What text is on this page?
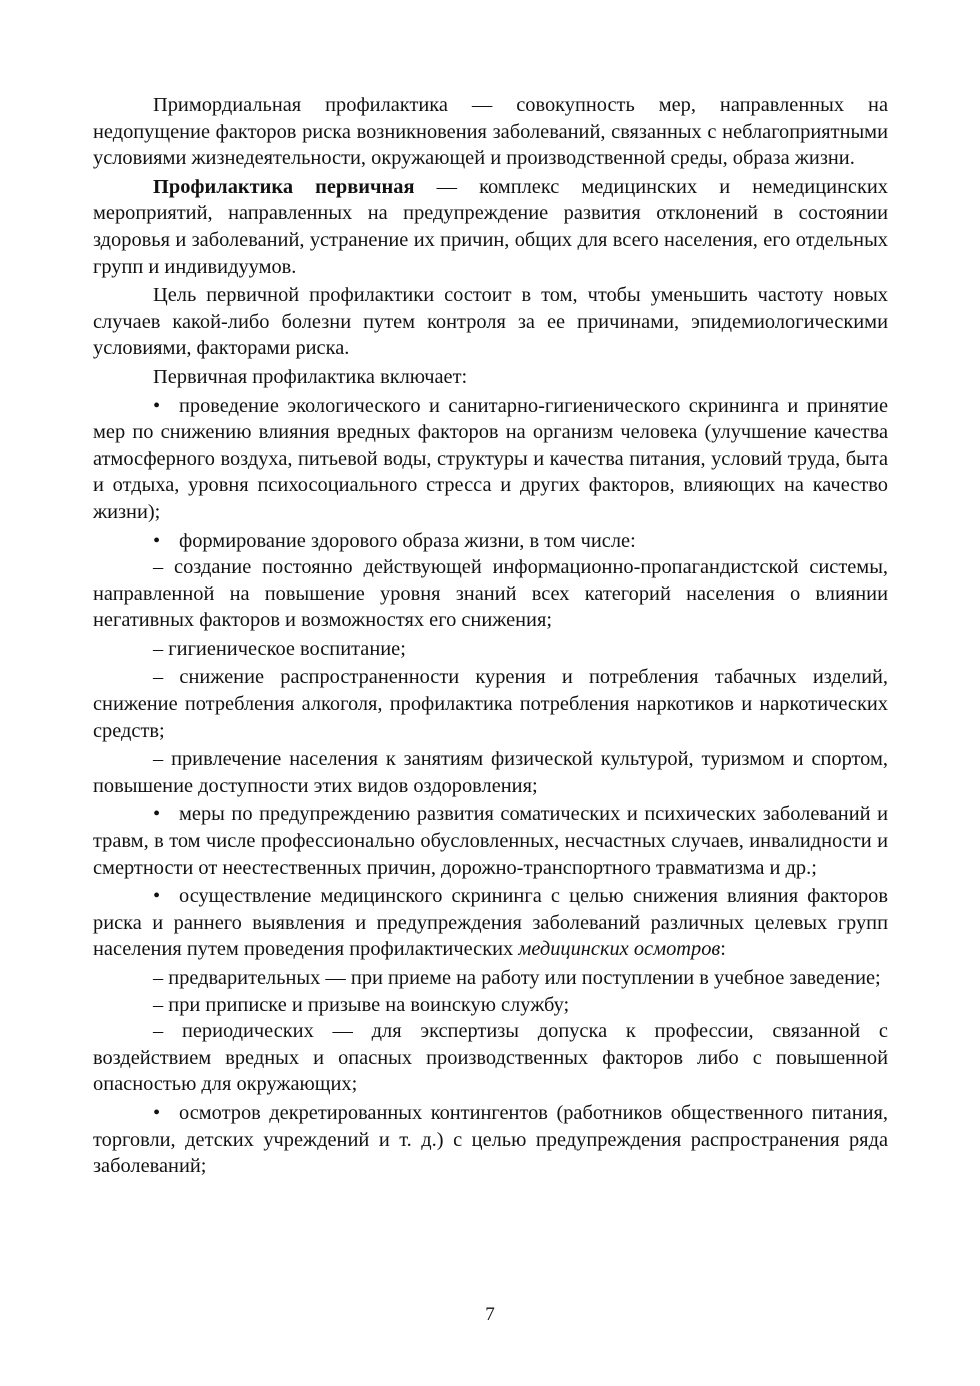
Примордиальная профилактика — совокупность мер, направленных на недопущение факторов риска возникновения заболеваний, связанных с неблагоприятными условиями жизнедеятельности, окружающей и производственной среды, образа жизни.

Профилактика первичная — комплекс медицинских и немедицинских мероприятий, направленных на предупреждение развития отклонений в состоянии здоровья и заболеваний, устранение их причин, общих для всего населения, его отдельных групп и индивидуумов.

Цель первичной профилактики состоит в том, чтобы уменьшить частоту новых случаев какой-либо болезни путем контроля за ее причинами, эпидемиологическими условиями, факторами риска.

Первичная профилактика включает:

• проведение экологического и санитарно-гигиенического скрининга и принятие мер по снижению влияния вредных факторов на организм человека (улучшение качества атмосферного воздуха, питьевой воды, структуры и качества питания, условий труда, быта и отдыха, уровня психосоциального стресса и других факторов, влияющих на качество жизни);

• формирование здорового образа жизни, в том числе:

– создание постоянно действующей информационно-пропагандистской системы, направленной на повышение уровня знаний всех категорий населения о влиянии негативных факторов и возможностях его снижения;

– гигиеническое воспитание;

– снижение распространенности курения и потребления табачных изделий, снижение потребления алкоголя, профилактика потребления наркотиков и наркотических средств;

– привлечение населения к занятиям физической культурой, туризмом и спортом, повышение доступности этих видов оздоровления;

• меры по предупреждению развития соматических и психических заболеваний и травм, в том числе профессионально обусловленных, несчастных случаев, инвалидности и смертности от неестественных причин, дорожно-транспортного травматизма и др.;

• осуществление медицинского скрининга с целью снижения влияния факторов риска и раннего выявления и предупреждения заболеваний различных целевых групп населения путем проведения профилактических медицинских осмотров:

– предварительных — при приеме на работу или поступлении в учебное заведение;

– при приписке и призыве на воинскую службу;

– периодических — для экспертизы допуска к профессии, связанной с воздействием вредных и опасных производственных факторов либо с повышенной опасностью для окружающих;

• осмотров декретированных контингентов (работников общественного питания, торговли, детских учреждений и т. д.) с целью предупреждения распространения ряда заболеваний;

7
